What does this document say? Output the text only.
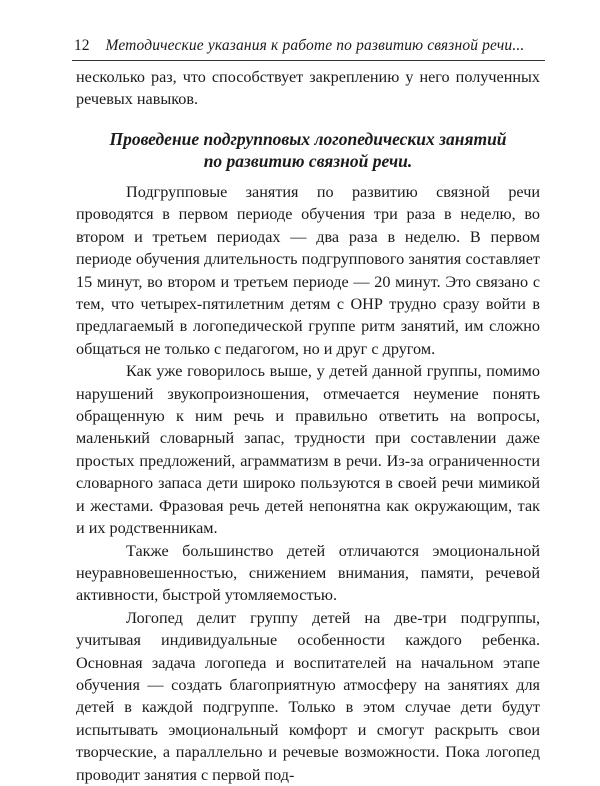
12 Методические указания к работе по развитию связной речи...

несколько раз, что способствует закреплению у него полученных речевых навыков.

Проведение подгрупповых логопедических занятий
по развитию связной речи.

Подгрупповые занятия по развитию связной речи проводятся в первом периоде обучения три раза в неделю, во втором и третьем периодах — два раза в неделю. В первом периоде обучения длительность подгруппового занятия составляет 15 минут, во втором и третьем периоде — 20 минут. Это связано с тем, что четырех-пятилетним детям с ОНР трудно сразу войти в предлагаемый в логопедической группе ритм занятий, им сложно общаться не только с педагогом, но и друг с другом.

Как уже говорилось выше, у детей данной группы, помимо нарушений звукопроизношения, отмечается неумение понять обращенную к ним речь и правильно ответить на вопросы, маленький словарный запас, трудности при составлении даже простых предложений, аграмматизм в речи. Из-за ограниченности словарного запаса дети широко пользуются в своей речи мимикой и жестами. Фразовая речь детей непонятна как окружающим, так и их родственникам.

Также большинство детей отличаются эмоциональной неуравновешенностью, снижением внимания, памяти, речевой активности, быстрой утомляемостью.

Логопед делит группу детей на две-три подгруппы, учитывая индивидуальные особенности каждого ребенка. Основная задача логопеда и воспитателей на начальном этапе обучения — создать благоприятную атмосферу на занятиях для детей в каждой подгруппе. Только в этом случае дети будут испытывать эмоциональный комфорт и смогут раскрыть свои творческие, а параллельно и речевые возможности. Пока логопед проводит занятия с первой под-
